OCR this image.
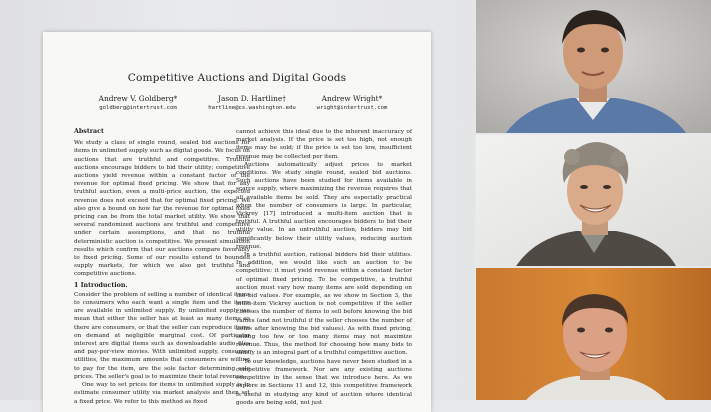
Competitive Auctions and Digital Goods
Andrew V. Goldberg*
goldberg@intertrust.com
Jason D. Hartline†
hartline@cs.washington.edu
Andrew Wright*
wright@intertrust.com

Abstract

We study a class of single round, sealed bid auctions for items in unlimited supply such as digital goods. We focus on auctions that are truthful and competitive. Truthful auctions encourage bidders to bid their utility; competitive auctions yield revenue within a constant factor of the revenue for optimal fixed pricing. We show that for any truthful auction, even a multi-price auction, the expected revenue does not exceed that for optimal fixed pricing. We also give a bound on how far the revenue for optimal fixed pricing can be from the total market utility. We show that several randomized auctions are truthful and competitive under certain assumptions, and that no truthful deterministic auction is competitive. We present simulation results which confirm that our auctions compare favorably to fixed pricing. Some of our results extend to bounded supply markets, for which we also get truthful and competitive auctions.

1 Introduction.

Consider the problem of selling a number of identical items to consumers who each want a single item and the items are available in unlimited supply. By unlimited supply we mean that either the seller has at least as many items as there are consumers, or that the seller can reproduce items on demand at negligible marginal cost. Of particular interest are digital items such as downloadable audio files and pay-per-view movies. With unlimited supply, consumer utilities, the maximum amounts that consumers are willing to pay for the item, are the sole factor determining sale prices. The seller's goal is to maximize their total revenue.

One way to set prices for items in unlimited supply is to estimate consumer utility via market analysis and then set a fixed price. We refer to this method as fixed

cannot achieve this ideal due to the inherent inaccuracy of market analysis. If the price is set too high, not enough items may be sold; if the price is set too low, insufficient revenue may be collected per item.

Auctions automatically adjust prices to market conditions. We study single round, sealed bid auctions. Such auctions have been studied for items available in scarce supply, where maximizing the revenue requires that all available items be sold. They are especially practical when the number of consumers is large. In particular, Vickrey [17] introduced a multi-item auction that is truthful. A truthful auction encourages bidders to bid their utility value. In an untruthful auction, bidders may bid significantly below their utility values, reducing auction revenue.

In a truthful auction, rational bidders bid their utilities. In addition, we would like such an auction to be competitive: it must yield revenue within a constant factor of optimal fixed pricing. To be competitive, a truthful auction must vary how many items are sold depending on the bid values. For example, as we show in Section 3, the multi-item Vickrey auction is not competitive if the seller chooses the number of items to sell before knowing the bid values (and not truthful if the seller chooses the number of items after knowing the bid values). As with fixed pricing, selling too few or too many items may not maximize revenue. Thus, the method for choosing how many bids to satisfy is an integral part of a truthful competitive auction.

To our knowledge, auctions have never been studied in a competitive framework. Nor are any existing auctions competitive in the sense that we introduce here. As we explore in Sections 11 and 12, this competitive framework is useful in studying any kind of auction where identical goods are being sold, not just
